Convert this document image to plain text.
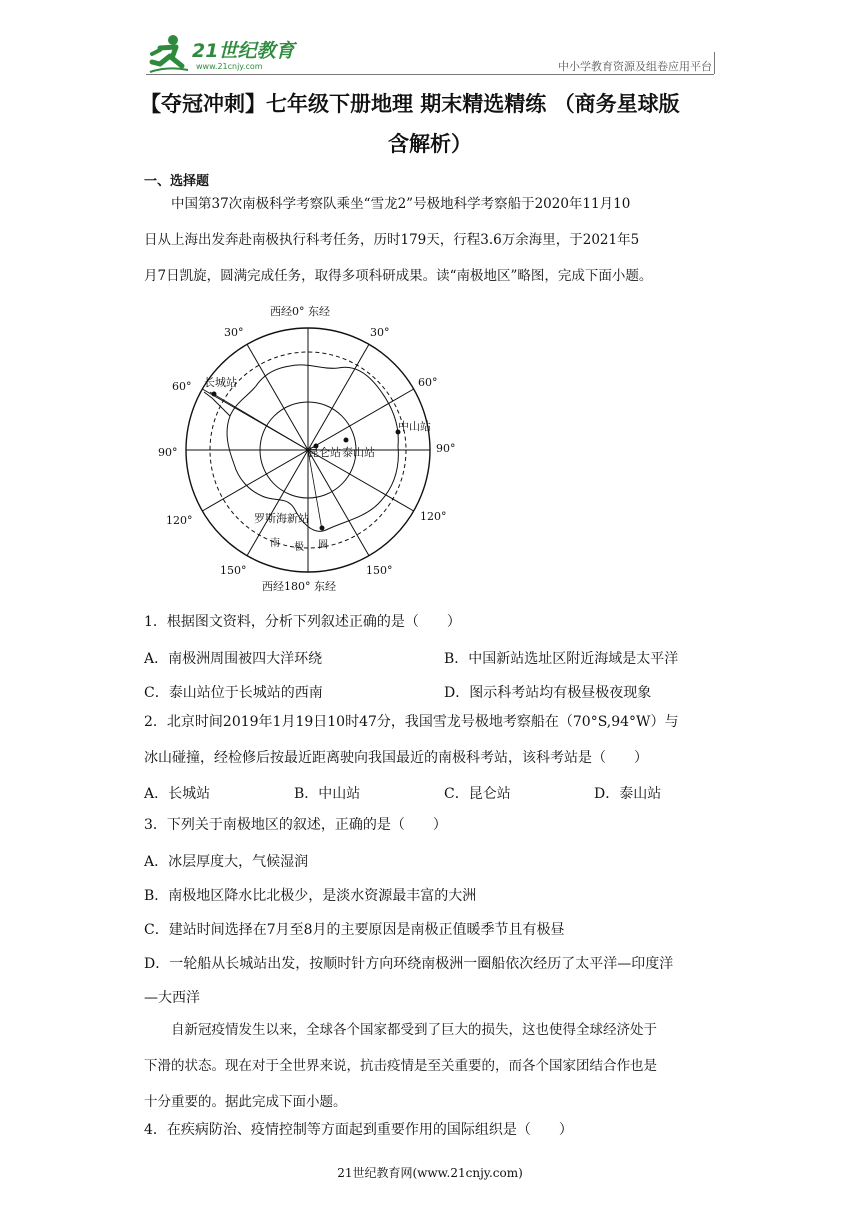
21世纪教育
www.21cnjy.com	中小学教育资源及组卷应用平台
【夺冠冲刺】七年级下册地理 期末精选精练 （商务星球版
含解析）
一、选择题

中国第37次南极科学考察队乘坐“雪龙2”号极地科学考察船于2020年11月10

日从上海出发奔赴南极执行科考任务，历时179天，行程3.6万余海里，于2021年5

月7日凯旋，圆满完成任务，取得多项科研成果。读“南极地区”略图，完成下面小题。

西经0° 东经
西经180° 东经
30°	30°
60°	60°
90°	90°
120°	120°
150°	150°
长城站
中山站
昆仑站 泰山站
罗斯海新站
南 极 圈
1．根据图文资料，分析下列叙述正确的是（　　）
A．南极洲周围被四大洋环绕	B．中国新站选址区附近海域是太平洋
C．泰山站位于长城站的西南	D．图示科考站均有极昼极夜现象
2．北京时间2019年1月19日10时47分，我国雪龙号极地考察船在（70°S,94°W）与
冰山碰撞，经检修后按最近距离驶向我国最近的南极科考站，该科考站是（　　）
A．长城站	B．中山站	C．昆仑站	D．泰山站
3．下列关于南极地区的叙述，正确的是（　　）
A．冰层厚度大，气候湿润
B．南极地区降水比北极少，是淡水资源最丰富的大洲
C．建站时间选择在7月至8月的主要原因是南极正值暖季节且有极昼
D．一轮船从长城站出发，按顺时针方向环绕南极洲一圈船依次经历了太平洋—印度洋
—大西洋

自新冠疫情发生以来，全球各个国家都受到了巨大的损失，这也使得全球经济处于

下滑的状态。现在对于全世界来说，抗击疫情是至关重要的，而各个国家团结合作也是

十分重要的。据此完成下面小题。

4．在疾病防治、疫情控制等方面起到重要作用的国际组织是（　　）
21世纪教育网(www.21cnjy.com)
